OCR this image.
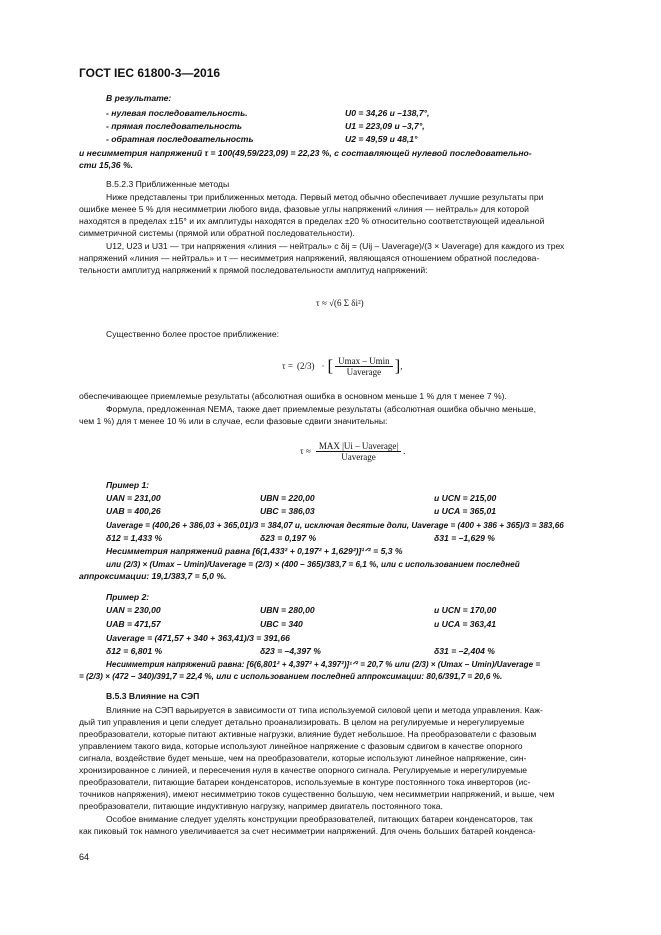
ГОСТ IEC 61800-3—2016
В результате:
- нулевая последовательность.	U0 = 34,26 и –138,7°,
- прямая последовательность	U1 = 223,09 и –3,7°,
- обратная последовательность	U2 = 49,59 и 48,1°
и несимметрия напряжений τ = 100(49,59/223,09) = 22,23 %, с составляющей нулевой последовательно-
сти 15,36 %.
В.5.2.3 Приближенные методы
Ниже представлены три приближенных метода. Первый метод обычно обеспечивает лучшие результаты при
ошибке менее 5 % для несимметрии любого вида, фазовые углы напряжений «линия — нейтраль» для которой
находятся в пределах ±15° и их амплитуды находятся в пределах ±20 % относительно соответствующей идеальной
симметричной системы (прямой или обратной последовательности).
U12, U23 и U31 — три напряжения «линия — нейтраль» с δij = (Uij – Uaverage)/(3 × Uaverage) для каждого из трех
напряжений «линия — нейтраль» и τ — несимметрия напряжений, являющаяся отношением обратной последова-
тельности амплитуд напряжений к прямой последовательности амплитуд напряжений:
τ ≈ √(6 Σ δi²)
Существенно более простое приближение:
τ = (2/3) · [ $\frac{Umax - Umin}{\text{Uaverage}}$ ] ,
обеспечивающее приемлемые результаты (абсолютная ошибка в основном меньше 1 % для τ менее 7 %).
Формула, предложенная NEMA, также дает приемлемые результаты (абсолютная ошибка обычно меньше,
чем 1 %) для τ менее 10 % или в случае, если фазовые сдвиги значительны:
$\tau \approx \frac{\text{MAX |Ui – Uaverage|}}{\text{Uaverage}}$ .
Пример 1:
UAN = 231,00	UBN = 220,00	и UCN = 215,00
UAB = 400,26	UBC = 386,03	и UCA = 365,01
Uaverage = (400,26 + 386,03 + 365,01)/3 = 384,07 и, исключая десятые доли, Uaverage = (400 + 386 + 365)/3 = 383,66
δ12 = 1,433 %	δ23 = 0,197 %	δ31 = –1,629 %
Несимметрия напряжений равна [6(1,433² + 0,197² + 1,629²)]¹ᐟ² = 5,3 %
или (2/3) × (Umax – Umin)/Uaverage = (2/3) × (400 – 365)/383,7 = 6,1 %, или с использованием последней
аппроксимации: 19,1/383,7 = 5,0 %.
Пример 2:
UAN = 230,00	UBN = 280,00	и UCN = 170,00
UAB = 471,57	UBC = 340	и UCA = 363,41
Uaverage = (471,57 + 340 + 363,41)/3 = 391,66
δ12 = 6,801 %	δ23 = –4,397 %	δ31 = –2,404 %
Несимметрия напряжений равна: [6(6,801² + 4,397² + 4,397²)]¹ᐟ² = 20,7 % или (2/3) × (Umax – Umin)/Uaverage =
= (2/3) × (472 – 340)/391,7 = 22,4 %, или с использованием последней аппроксимации: 80,6/391,7 = 20,6 %.
В.5.3 Влияние на СЭП
Влияние на СЭП варьируется в зависимости от типа используемой силовой цепи и метода управления. Каж-
дый тип управления и цепи следует детально проанализировать. В целом на регулируемые и нерегулируемые
преобразователи, которые питают активные нагрузки, влияние будет небольшое. На преобразователи с фазовым
управлением такого вида, которые используют линейное напряжение с фазовым сдвигом в качестве опорного
сигнала, воздействие будет меньше, чем на преобразователи, которые используют линейное напряжение, син-
хронизированное с линией, и пересечения нуля в качестве опорного сигнала. Регулируемые и нерегулируемые
преобразователи, питающие батареи конденсаторов, используемые в контуре постоянного тока инверторов (ис-
точников напряжения), имеют несимметрию токов существенно большую, чем несимметрии напряжений, и выше, чем
преобразователи, питающие индуктивную нагрузку, например двигатель постоянного тока.
Особое внимание следует уделять конструкции преобразователей, питающих батареи конденсаторов, так
как пиковый ток намного увеличивается за счет несимметрии напряжений. Для очень больших батарей конденса-
64
